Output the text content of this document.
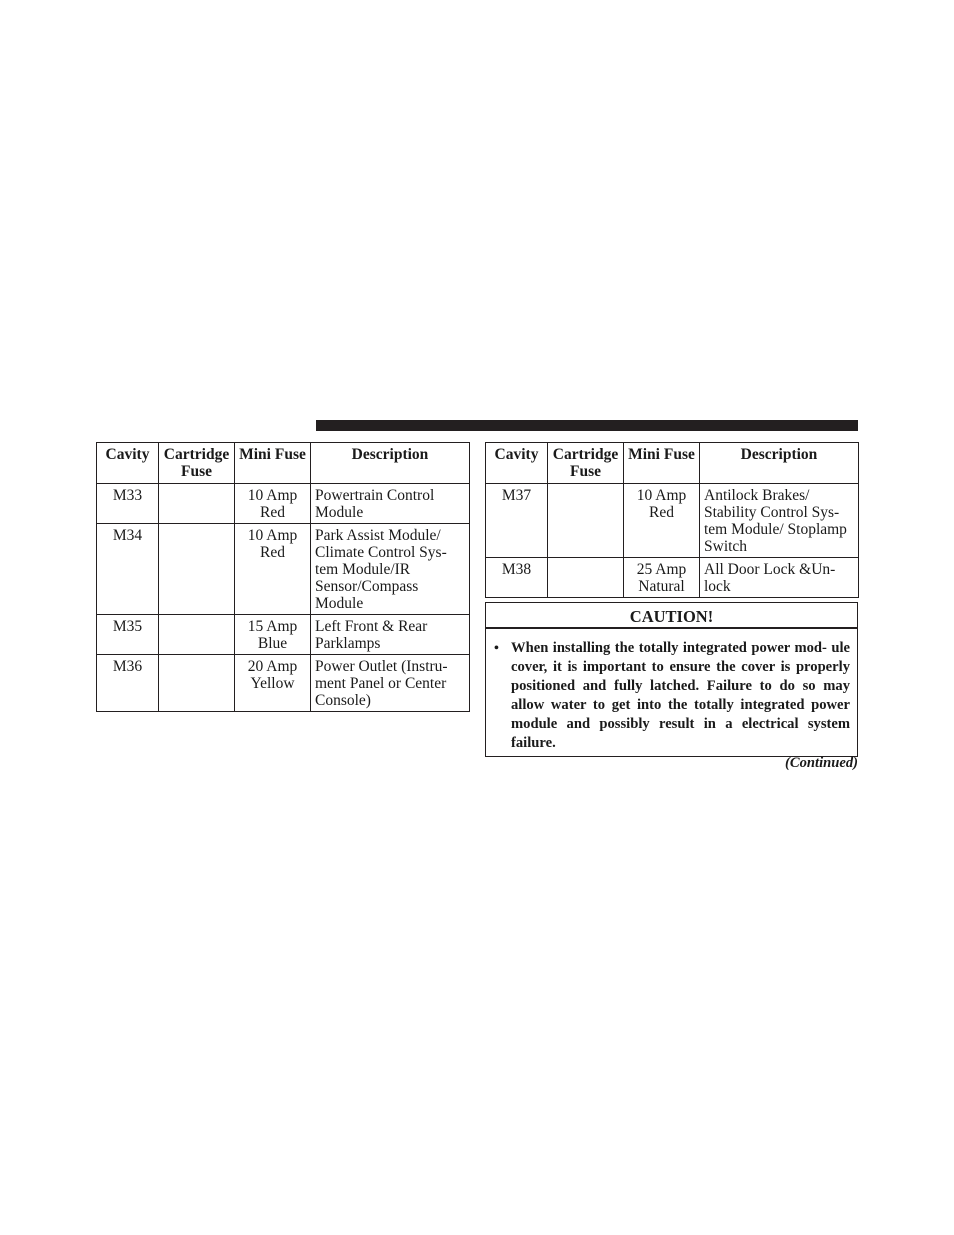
Cavity	Cartridge Fuse	Mini Fuse	Description
M33		10 Amp Red	Powertrain Control Module
M34		10 Amp Red	Park Assist Module/ Climate Control Sys- tem Module/IR Sensor/Compass Module
M35		15 Amp Blue	Left Front & Rear Parklamps
M36		20 Amp Yellow	Power Outlet (Instru- ment Panel or Center Console)
Cavity	Cartridge Fuse	Mini Fuse	Description
M37		10 Amp Red	Antilock Brakes/ Stability Control Sys- tem Module/ Stoplamp Switch
M38		25 Amp Natural	All Door Lock &Un- lock
CAUTION!
• When installing the totally integrated power mod- ule cover, it is important to ensure the cover is properly positioned and fully latched. Failure to do so may allow water to get into the totally integrated power module and possibly result in a electrical system failure.
(Continued)
